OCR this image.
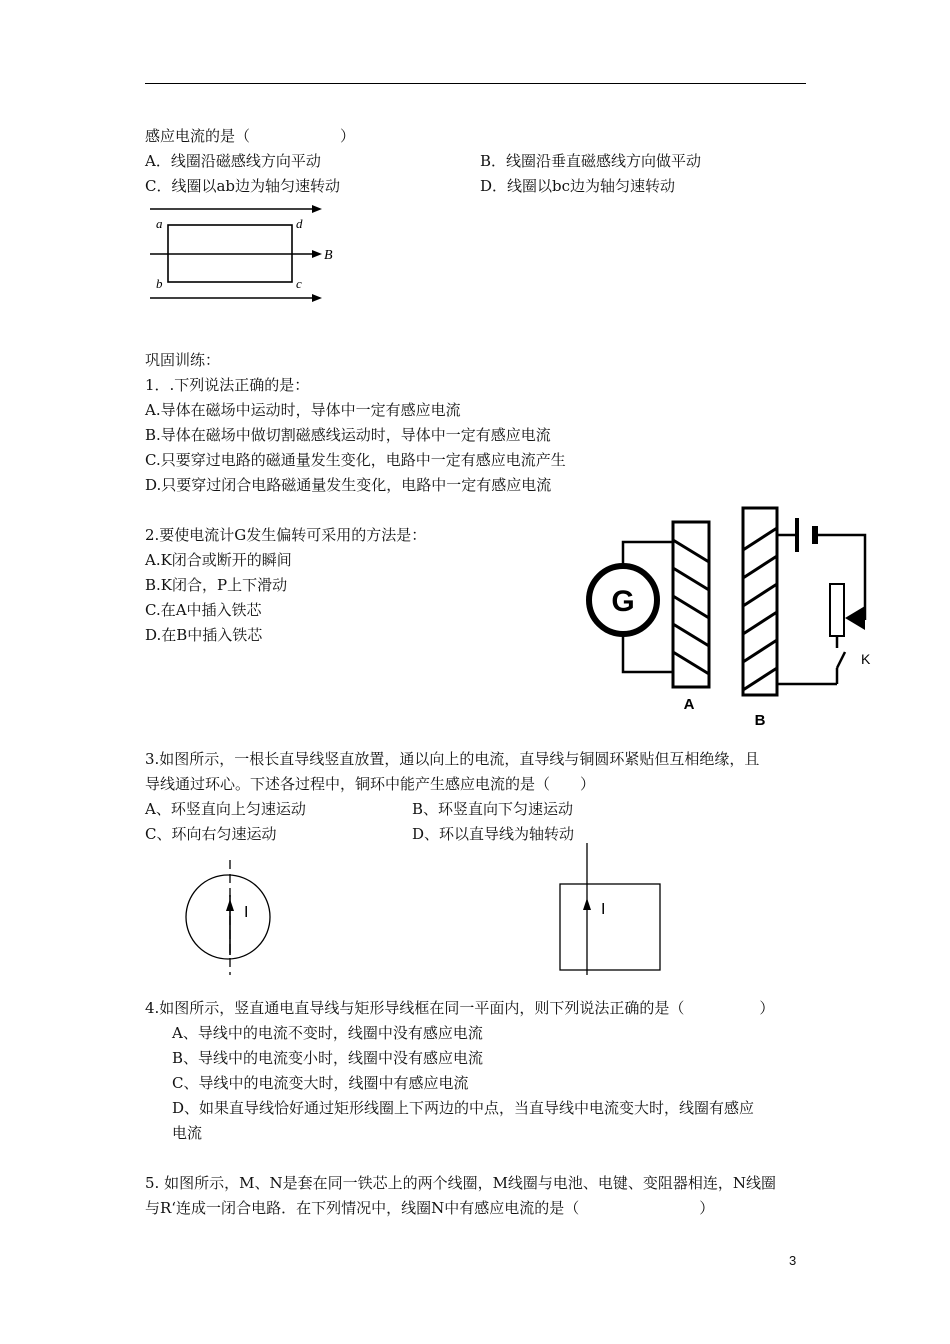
感应电流的是（　　　　　　）
A．线圈沿磁感线方向平动	B．线圈沿垂直磁感线方向做平动
C．线圈以ab边为轴匀速转动	D．线圈以bc边为轴匀速转动
a
b	c
d
B
巩固训练：
1．.下列说法正确的是：
A.导体在磁场中运动时，导体中一定有感应电流
B.导体在磁场中做切割磁感线运动时，导体中一定有感应电流
C.只要穿过电路的磁通量发生变化，电路中一定有感应电流产生
D.只要穿过闭合电路磁通量发生变化，电路中一定有感应电流
2.要使电流计G发生偏转可采用的方法是：
A.K闭合或断开的瞬间
B.K闭合，P上下滑动
C.在A中插入铁芯
D.在B中插入铁芯
G
A
B
K
3.如图所示，一根长直导线竖直放置，通以向上的电流，直导线与铜圆环紧贴但互相绝缘，且
导线通过环心。下述各过程中，铜环中能产生感应电流的是（　　）
A、环竖直向上匀速运动	B、环竖直向下匀速运动
C、环向右匀速运动	D、环以直导线为轴转动
I	I
4.如图所示，竖直通电直导线与矩形导线框在同一平面内，则下列说法正确的是（　　　　　）
A、导线中的电流不变时，线圈中没有感应电流
B、导线中的电流变小时，线圈中没有感应电流
C、导线中的电流变大时，线圈中有感应电流
D、如果直导线恰好通过矩形线圈上下两边的中点，当直导线中电流变大时，线圈有感应
电流
5. 如图所示，M、N是套在同一铁芯上的两个线圈，M线圈与电池、电键、变阻器相连，N线圈
与R‘连成一闭合电路．在下列情况中，线圈N中有感应电流的是（　　　　　　　　）
3
